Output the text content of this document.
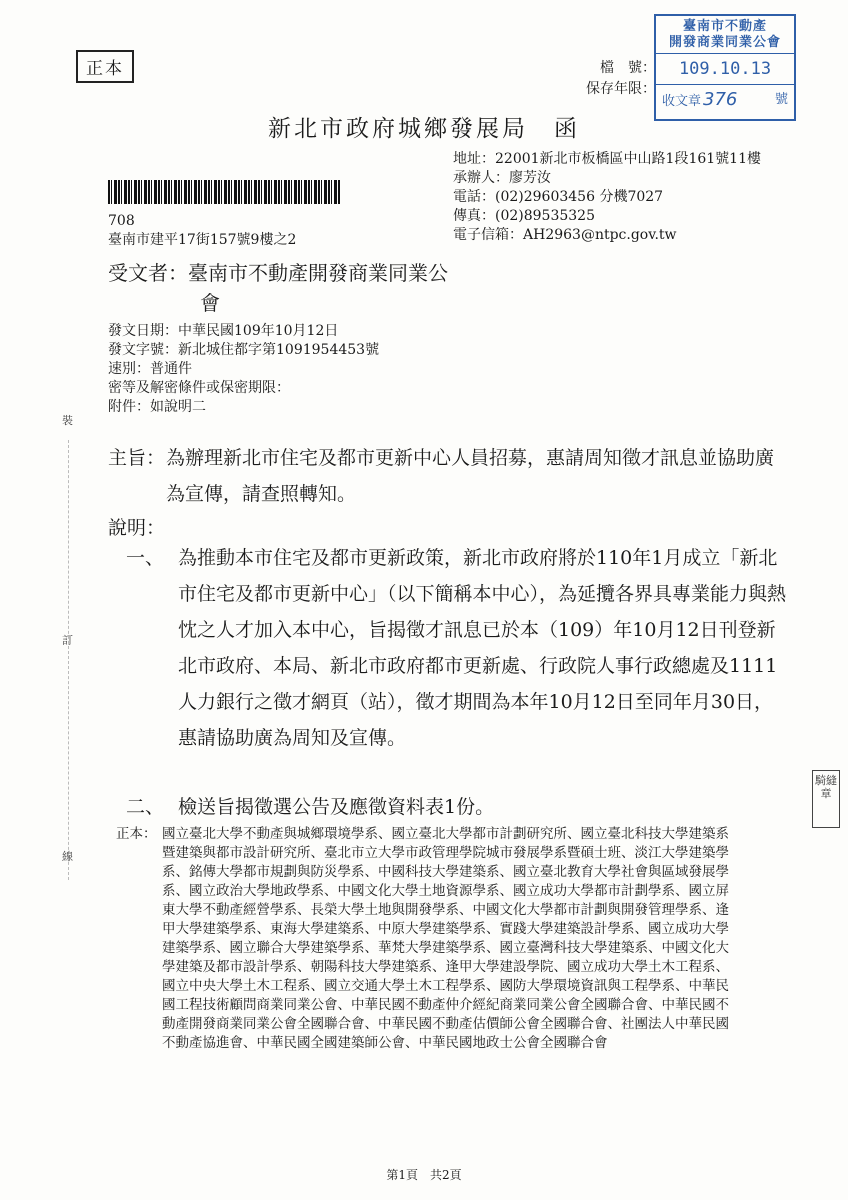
正本	檔　號：
保存年限：
臺南市不動產
開發商業同業公會
109.10.13
收文章 376	號
新北市政府城鄉發展局　函
地址：22001新北市板橋區中山路1段161號11樓
承辦人：廖芳汝
電話：(02)29603456 分機7027
傳真：(02)89535325
電子信箱：AH2963@ntpc.gov.tw
708
臺南市建平17街157號9樓之2
受文者：臺南市不動產開發商業同業公
會
發文日期：中華民國109年10月12日
發文字號：新北城住都字第1091954453號
速別：普通件
密等及解密條件或保密期限：
附件：如說明二
主旨： 為辦理新北市住宅及都市更新中心人員招募，惠請周知徵才訊息並協助廣為宣傳，請查照轉知。
說明：
一、 為推動本市住宅及都市更新政策，新北市政府將於110年1月成立「新北市住宅及都市更新中心」（以下簡稱本中心），為延攬各界具專業能力與熱忱之人才加入本中心，旨揭徵才訊息已於本（109）年10月12日刊登新北市政府、本局、新北市政府都市更新處、行政院人事行政總處及1111人力銀行之徵才網頁（站），徵才期間為本年10月12日至同年月30日，惠請協助廣為周知及宣傳。
二、 檢送旨揭徵選公告及應徵資料表1份。
正本： 國立臺北大學不動產與城鄉環境學系、國立臺北大學都市計劃研究所、國立臺北科技大學建築系暨建築與都市設計研究所、臺北市立大學市政管理學院城市發展學系暨碩士班、淡江大學建築學系、銘傳大學都市規劃與防災學系、中國科技大學建築系、國立臺北教育大學社會與區域發展學系、國立政治大學地政學系、中國文化大學土地資源學系、國立成功大學都市計劃學系、國立屏東大學不動產經營學系、長榮大學土地與開發學系、中國文化大學都市計劃與開發管理學系、逢甲大學建築學系、東海大學建築系、中原大學建築學系、實踐大學建築設計學系、國立成功大學建築學系、國立聯合大學建築學系、華梵大學建築學系、國立臺灣科技大學建築系、中國文化大學建築及都市設計學系、朝陽科技大學建築系、逢甲大學建設學院、國立成功大學土木工程系、國立中央大學土木工程系、國立交通大學土木工程學系、國防大學環境資訊與工程學系、中華民國工程技術顧問商業同業公會、中華民國不動產仲介經紀商業同業公會全國聯合會、中華民國不動產開發商業同業公會全國聯合會、中華民國不動產估價師公會全國聯合會、社團法人中華民國不動產協進會、中華民國全國建築師公會、中華民國地政士公會全國聯合會
裝
訂
線
騎縫章
第1頁 共2頁
